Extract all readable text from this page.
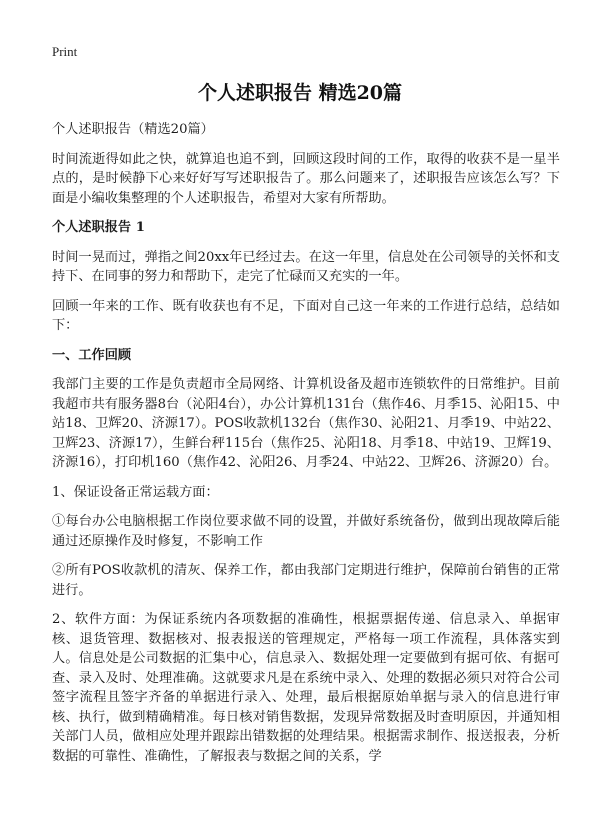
Print
个人述职报告 精选20篇

个人述职报告（精选20篇）

时间流逝得如此之快，就算追也追不到，回顾这段时间的工作，取得的收获不是一星半点的，是时候静下心来好好写写述职报告了。那么问题来了，述职报告应该怎么写？下面是小编收集整理的个人述职报告，希望对大家有所帮助。

个人述职报告 1

时间一晃而过，弹指之间20xx年已经过去。在这一年里，信息处在公司领导的关怀和支持下、在同事的努力和帮助下，走完了忙碌而又充实的一年。

回顾一年来的工作、既有收获也有不足，下面对自己这一年来的工作进行总结，总结如下：

一、工作回顾

我部门主要的工作是负责超市全局网络、计算机设备及超市连锁软件的日常维护。目前我超市共有服务器8台（沁阳4台），办公计算机131台（焦作46、月季15、沁阳15、中站18、卫辉20、济源17）。POS收款机132台（焦作30、沁阳21、月季19、中站22、卫辉23、济源17），生鲜台秤115台（焦作25、沁阳18、月季18、中站19、卫辉19、济源16），打印机160（焦作42、沁阳26、月季24、中站22、卫辉26、济源20）台。

1、保证设备正常运载方面：

①每台办公电脑根据工作岗位要求做不同的设置，并做好系统备份，做到出现故障后能通过还原操作及时修复，不影响工作

②所有POS收款机的清灰、保养工作，都由我部门定期进行维护，保障前台销售的正常进行。

2、软件方面：为保证系统内各项数据的准确性，根据票据传递、信息录入、单据审核、退货管理、数据核对、报表报送的管理规定，严格每一项工作流程，具体落实到人。信息处是公司数据的汇集中心，信息录入、数据处理一定要做到有据可依、有据可查、录入及时、处理准确。这就要求凡是在系统中录入、处理的数据必须只对符合公司签字流程且签字齐备的单据进行录入、处理，最后根据原始单据与录入的信息进行审核、执行，做到精确精准。每日核对销售数据，发现异常数据及时查明原因，并通知相关部门人员，做相应处理并跟踪出错数据的处理结果。根据需求制作、报送报表，分析数据的可靠性、准确性，了解报表与数据之间的关系，学
